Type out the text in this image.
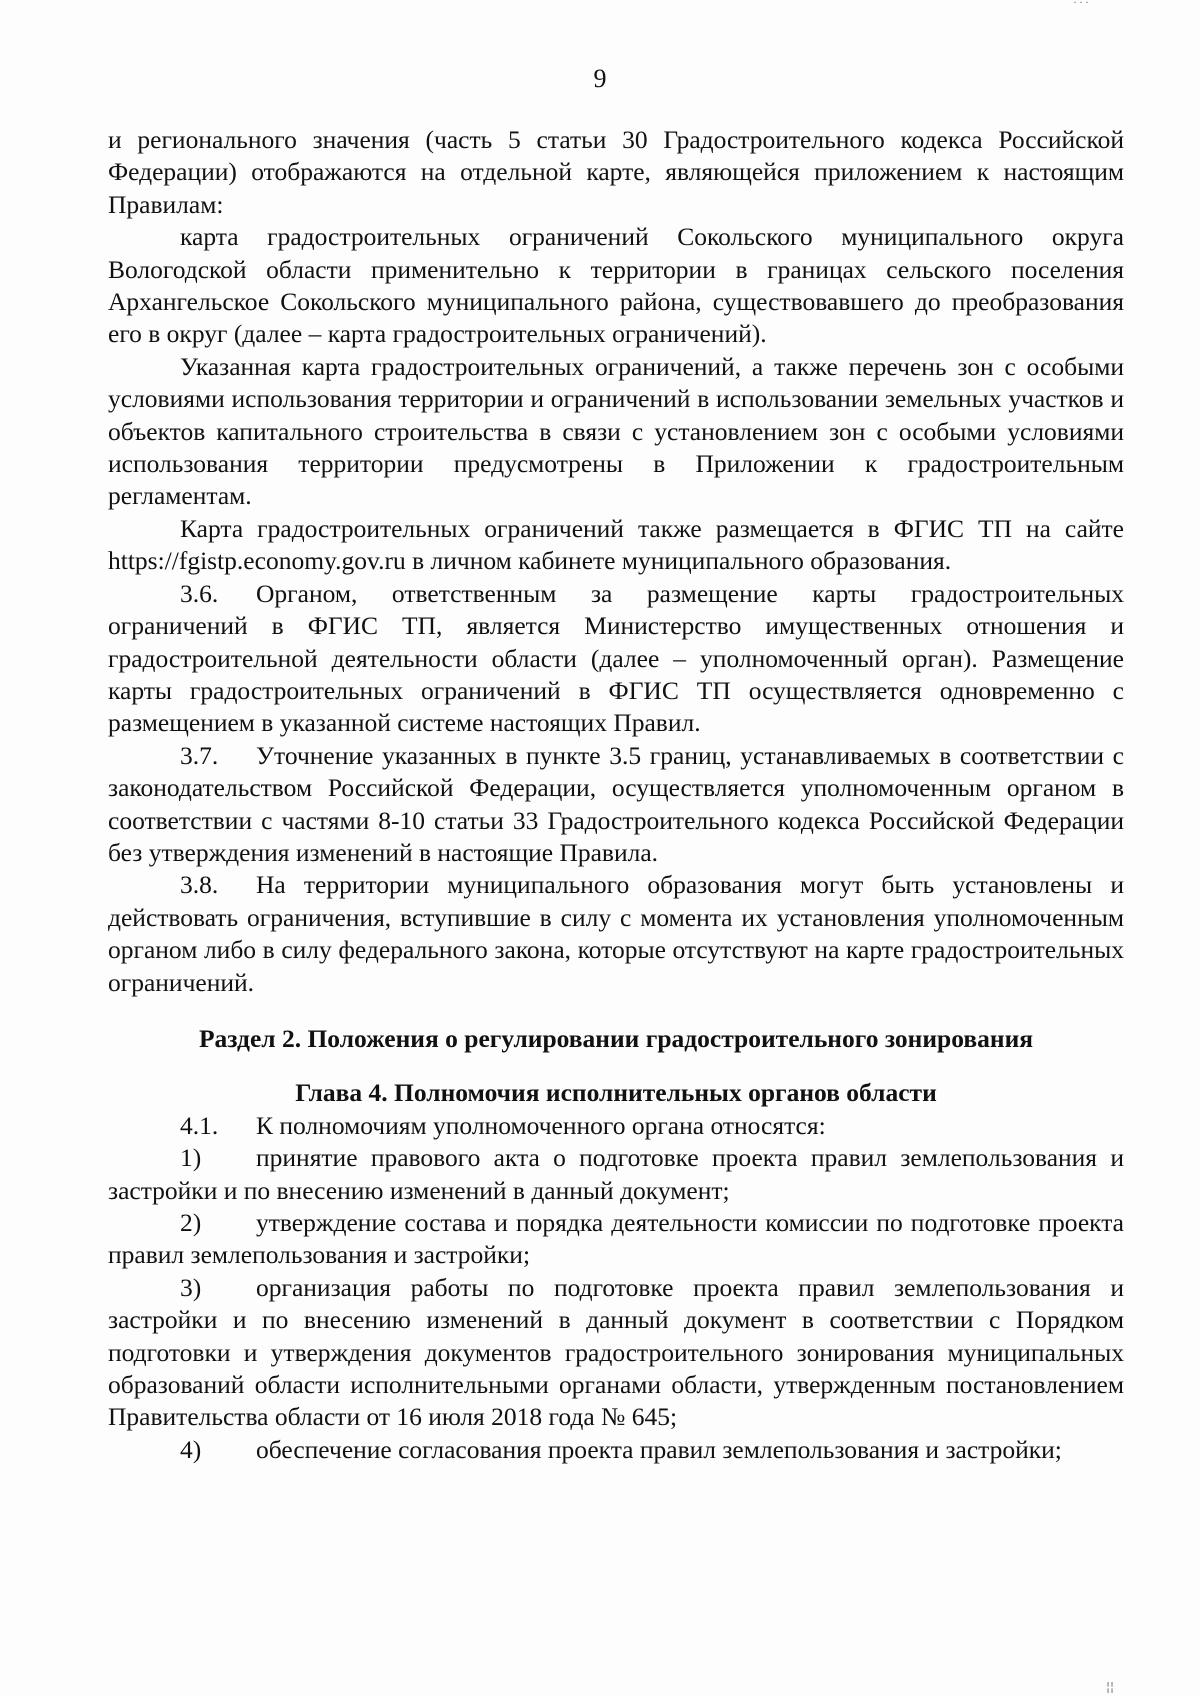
9

и регионального значения (часть 5 статьи 30 Градостроительного кодекса Российской Федерации) отображаются на отдельной карте, являющейся приложением к настоящим Правилам:

карта градостроительных ограничений Сокольского муниципального округа Вологодской области применительно к территории в границах сельского поселения Архангельское Сокольского муниципального района, существовавшего до преобразования его в округ (далее – карта градостроительных ограничений).

Указанная карта градостроительных ограничений, а также перечень зон с особыми условиями использования территории и ограничений в использовании земельных участков и объектов капитального строительства в связи с установлением зон с особыми условиями использования территории предусмотрены в Приложении к градостроительным регламентам.

Карта градостроительных ограничений также размещается в ФГИС ТП на сайте https://fgistp.economy.gov.ru в личном кабинете муниципального образования.

3.6. Органом, ответственным за размещение карты градостроительных ограничений в ФГИС ТП, является Министерство имущественных отношения и градостроительной деятельности области (далее – уполномоченный орган). Размещение карты градостроительных ограничений в ФГИС ТП осуществляется одновременно с размещением в указанной системе настоящих Правил.

3.7. Уточнение указанных в пункте 3.5 границ, устанавливаемых в соответствии с законодательством Российской Федерации, осуществляется уполномоченным органом в соответствии с частями 8-10 статьи 33 Градостроительного кодекса Российской Федерации без утверждения изменений в настоящие Правила.

3.8. На территории муниципального образования могут быть установлены и действовать ограничения, вступившие в силу с момента их установления уполномоченным органом либо в силу федерального закона, которые отсутствуют на карте градостроительных ограничений.

Раздел 2. Положения о регулировании градостроительного зонирования

Глава 4. Полномочия исполнительных органов области

4.1. К полномочиям уполномоченного органа относятся:

1) принятие правового акта о подготовке проекта правил землепользования и застройки и по внесению изменений в данный документ;

2) утверждение состава и порядка деятельности комиссии по подготовке проекта правил землепользования и застройки;

3) организация работы по подготовке проекта правил землепользования и застройки и по внесению изменений в данный документ в соответствии с Порядком подготовки и утверждения документов градостроительного зонирования муниципальных образований области исполнительными органами области, утвержденным постановлением Правительства области от 16 июля 2018 года № 645;

4) обеспечение согласования проекта правил землепользования и застройки;

˙˙˙
¦¦
